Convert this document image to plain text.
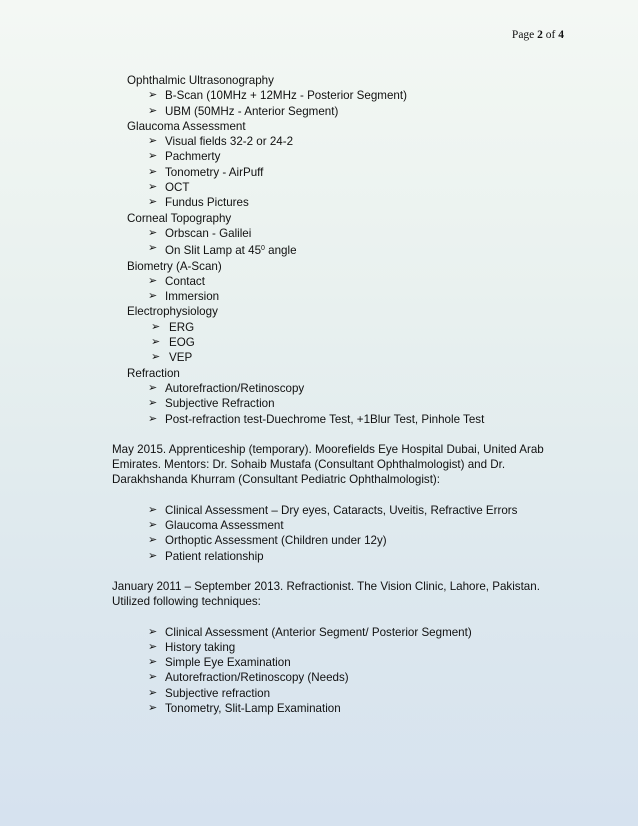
Page 2 of 4
Ophthalmic Ultrasonography
➢ B-Scan (10MHz + 12MHz - Posterior Segment)
➢ UBM (50MHz - Anterior Segment)
Glaucoma Assessment
➢ Visual fields 32-2 or 24-2
➢ Pachmerty
➢ Tonometry - AirPuff
➢ OCT
➢ Fundus Pictures
Corneal Topography
➢ Orbscan - Galilei
➢ On Slit Lamp at $45^0$ angle
Biometry (A-Scan)
➢ Contact
➢ Immersion
Electrophysiology
➢ ERG
➢ EOG
➢ VEP
Refraction
➢ Autorefraction/Retinoscopy
➢ Subjective Refraction
➢ Post-refraction test-Duechrome Test, +1Blur Test, Pinhole Test
May 2015. Apprenticeship (temporary). Moorefields Eye Hospital Dubai, United Arab Emirates. Mentors: Dr. Sohaib Mustafa (Consultant Ophthalmologist) and Dr. Darakhshanda Khurram (Consultant Pediatric Ophthalmologist):
➢ Clinical Assessment – Dry eyes, Cataracts, Uveitis, Refractive Errors
➢ Glaucoma Assessment
➢ Orthoptic Assessment (Children under 12y)
➢ Patient relationship
January 2011 – September 2013. Refractionist. The Vision Clinic, Lahore, Pakistan. Utilized following techniques:
➢ Clinical Assessment (Anterior Segment/ Posterior Segment)
➢ History taking
➢ Simple Eye Examination
➢ Autorefraction/Retinoscopy (Needs)
➢ Subjective refraction
➢ Tonometry, Slit-Lamp Examination
